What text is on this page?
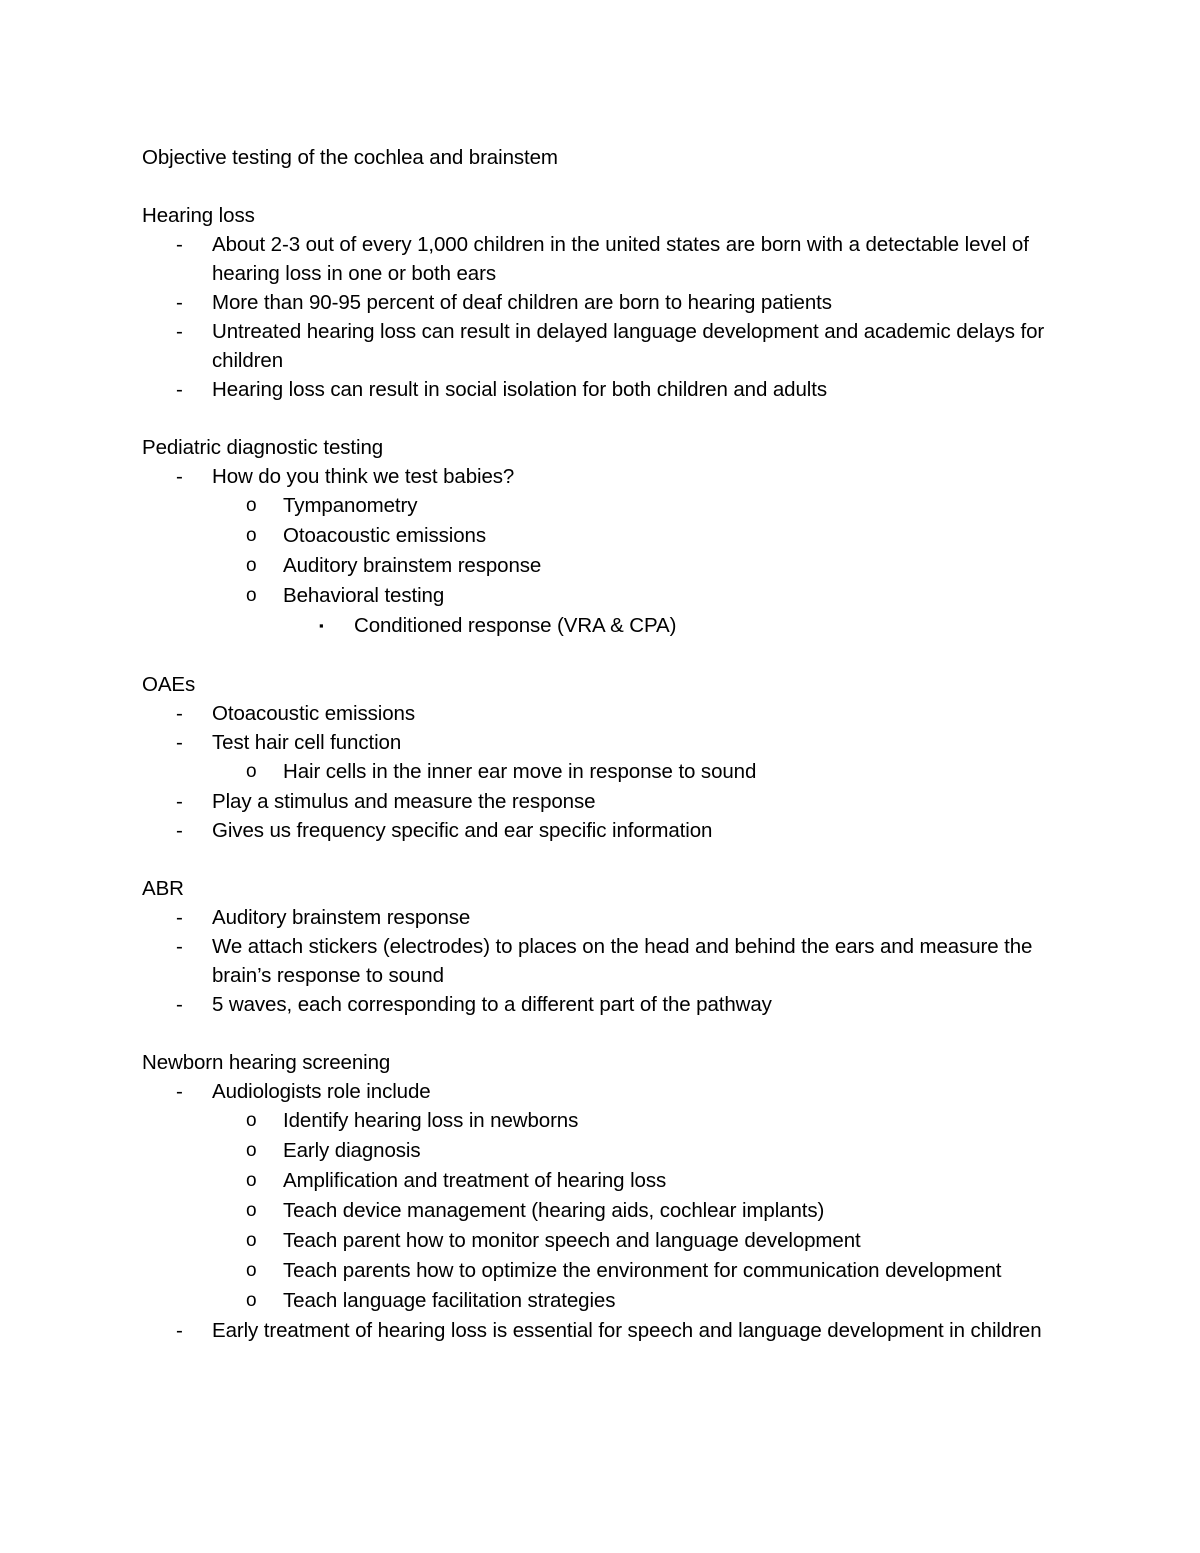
Objective testing of the cochlea and brainstem

Hearing loss

- About 2-3 out of every 1,000 children in the united states are born with a detectable level of hearing loss in one or both ears
- More than 90-95 percent of deaf children are born to hearing patients
- Untreated hearing loss can result in delayed language development and academic delays for children
- Hearing loss can result in social isolation for both children and adults

Pediatric diagnostic testing

- How do you think we test babies?
o Tympanometry
o Otoacoustic emissions
o Auditory brainstem response
o Behavioral testing
▪ Conditioned response (VRA & CPA)

OAEs

- Otoacoustic emissions
- Test hair cell function
o Hair cells in the inner ear move in response to sound
- Play a stimulus and measure the response
- Gives us frequency specific and ear specific information

ABR

- Auditory brainstem response
- We attach stickers (electrodes) to places on the head and behind the ears and measure the brain’s response to sound
- 5 waves, each corresponding to a different part of the pathway

Newborn hearing screening

- Audiologists role include
o Identify hearing loss in newborns
o Early diagnosis
o Amplification and treatment of hearing loss
o Teach device management (hearing aids, cochlear implants)
o Teach parent how to monitor speech and language development
o Teach parents how to optimize the environment for communication development
o Teach language facilitation strategies
- Early treatment of hearing loss is essential for speech and language development in children
